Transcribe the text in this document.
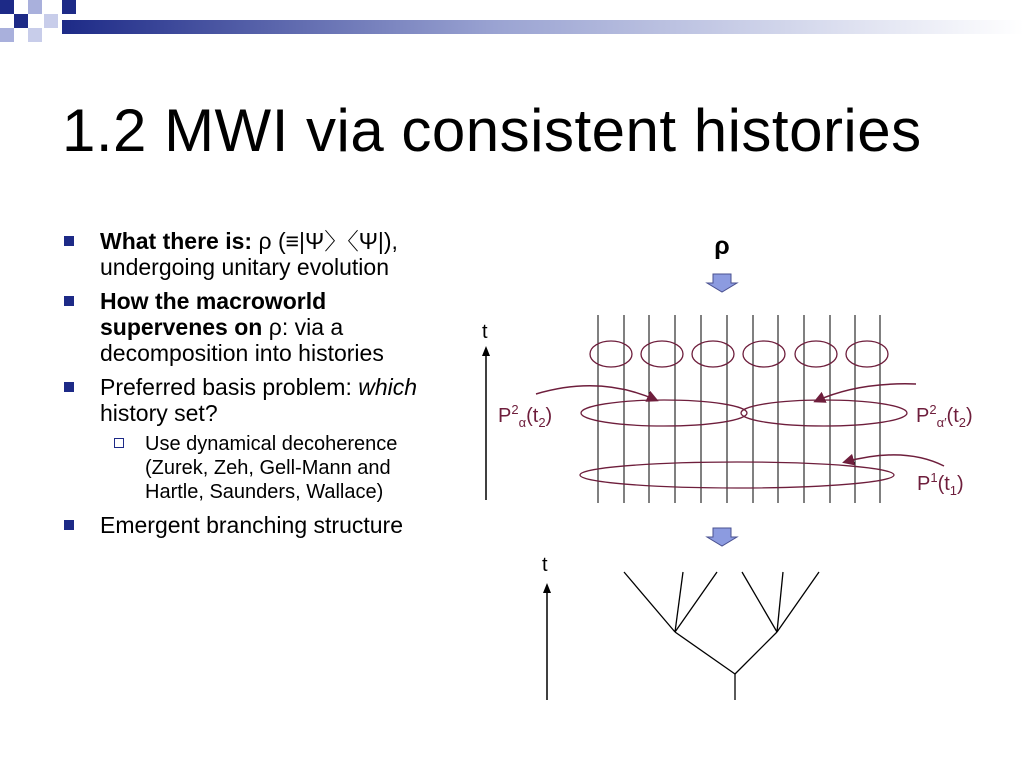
1.2 MWI via consistent histories
What there is: ρ (≡|Ψ〉〈Ψ|), undergoing unitary evolution
How the macroworld supervenes on ρ: via a decomposition into histories
Preferred basis problem: which history set?
Use dynamical decoherence (Zurek, Zeh, Gell-Mann and Hartle, Saunders, Wallace)
Emergent branching structure
ρ
t
$P^2_\alpha(t_2)$	$P^2_{\alpha'}(t_2)$
$P^1(t_1)$
t
